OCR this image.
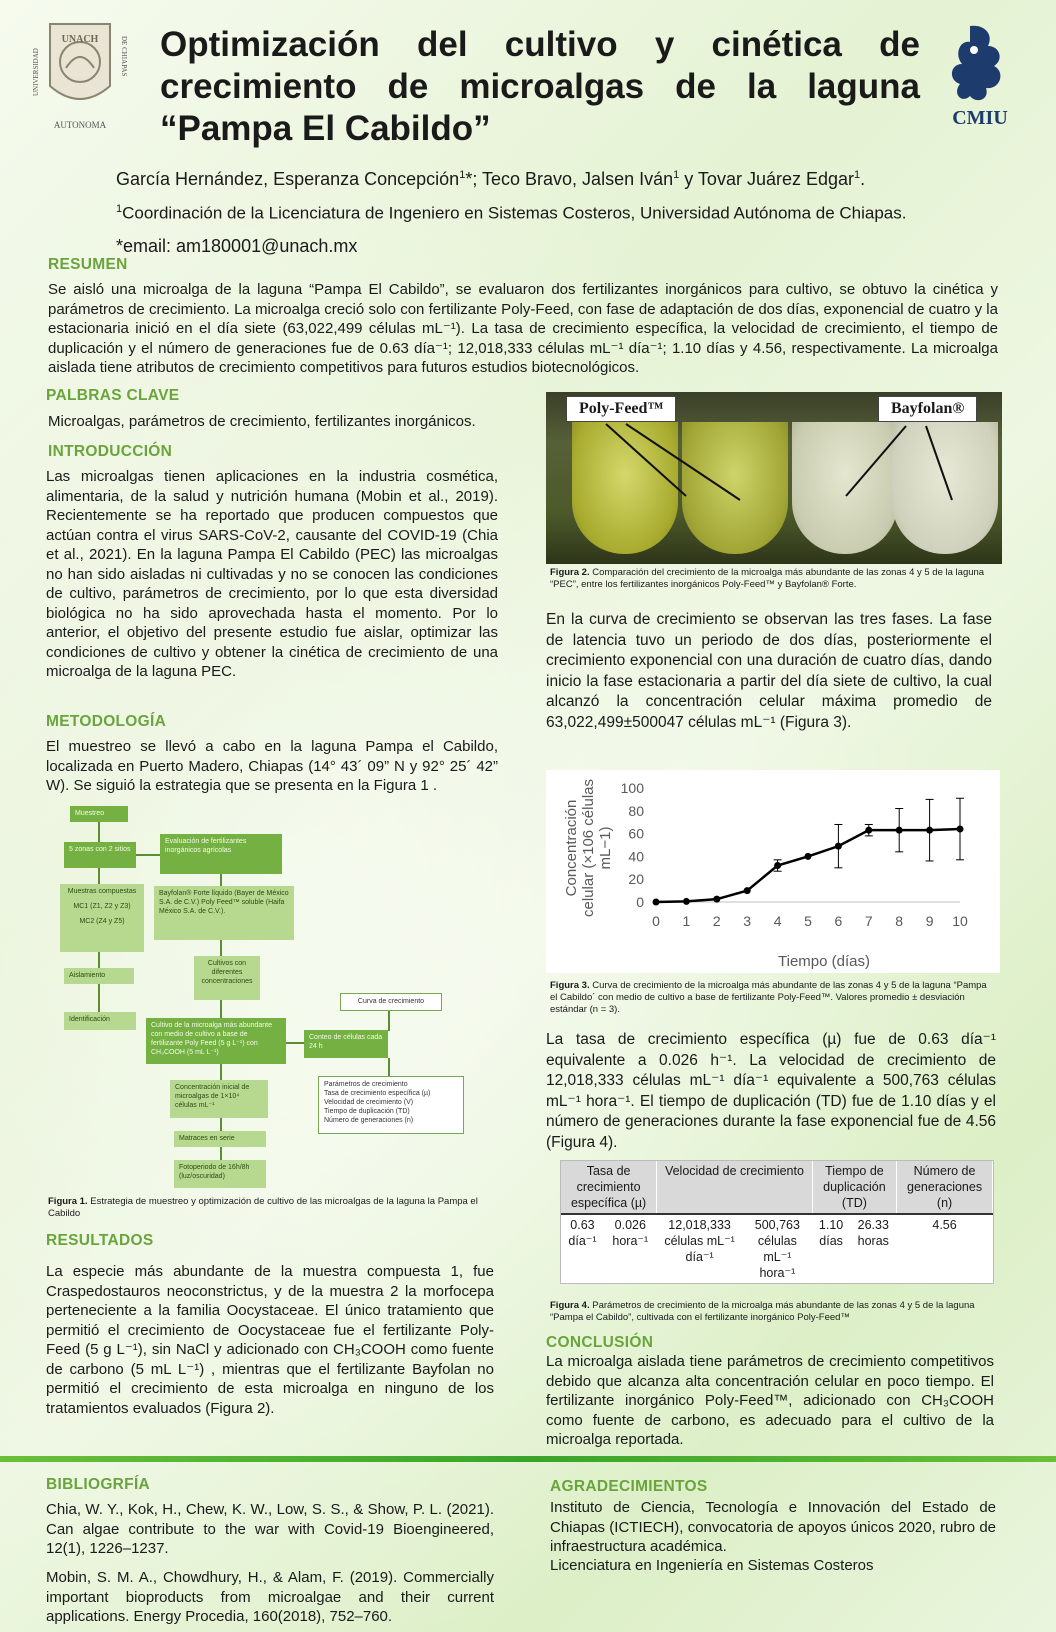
UNACH
AUTONOMA
UNIVERSIDAD	DE CHIAPAS
CMIU
Optimización del cultivo y cinética de crecimiento de microalgas de la laguna “Pampa El Cabildo”
García Hernández, Esperanza Concepción$^1$*; Teco Bravo, Jalsen Iván$^1$ y Tovar Juárez Edgar$^1$.
$^1$Coordinación de la Licenciatura de Ingeniero en Sistemas Costeros, Universidad Autónoma de Chiapas.
*email: am180001@unach.mx
RESUMEN
Se aisló una microalga de la laguna “Pampa El Cabildo”, se evaluaron dos fertilizantes inorgánicos para cultivo, se obtuvo la cinética y parámetros de crecimiento. La microalga creció solo con fertilizante Poly-Feed, con fase de adaptación de dos días, exponencial de cuatro y la estacionaria inició en el día siete (63,022,499 células mL⁻¹). La tasa de crecimiento específica, la velocidad de crecimiento, el tiempo de duplicación y el número de generaciones fue de 0.63 día⁻¹; 12,018,333 células mL⁻¹ día⁻¹; 1.10 días y 4.56, respectivamente. La microalga aislada tiene atributos de crecimiento competitivos para futuros estudios biotecnológicos.
PALBRAS CLAVE
Microalgas, parámetros de crecimiento, fertilizantes inorgánicos.
INTRODUCCIÓN
Las microalgas tienen aplicaciones en la industria cosmética, alimentaria, de la salud y nutrición humana (Mobin et al., 2019). Recientemente se ha reportado que producen compuestos que actúan contra el virus SARS-CoV-2, causante del COVID-19 (Chia et al., 2021). En la laguna Pampa El Cabildo (PEC) las microalgas no han sido aisladas ni cultivadas y no se conocen las condiciones de cultivo, parámetros de crecimiento, por lo que esta diversidad biológica no ha sido aprovechada hasta el momento. Por lo anterior, el objetivo del presente estudio fue aislar, optimizar las condiciones de cultivo y obtener la cinética de crecimiento de una microalga de la laguna PEC.
METODOLOGÍA
El muestreo se llevó a cabo en la laguna Pampa el Cabildo, localizada en Puerto Madero, Chiapas (14° 43´ 09” N y 92° 25´ 42” W). Se siguió la estrategia que se presenta en la Figura 1 .
Muestreo
5 zonas con 2 sitios
Muestras compuestas
MC1 (Z1, Z2 y Z3)
MC2 (Z4 y Z5)
Aislamiento
Identificación
Evaluación de fertilizantes inorgánicos agrícolas
Bayfolan® Forte líquido (Bayer de México S.A. de C.V.) Poly Feed™ soluble (Haifa México S.A. de C.V.).
Cultivos con diferentes concentraciones
Cultivo de la microalga más abundante con medio de cultivo a base de fertilizante Poly Feed (5 g L⁻¹) con CH₃COOH (5 mL L⁻¹)
Conteo de células cada 24 h
Curva de crecimiento
Concentración inicial de microalgas de 1×10⁴ células mL⁻¹
Parámetros de crecimiento
Tasa de crecimiento específica (µ)
Velocidad de crecimiento (V)
Tiempo de duplicación (TD)
Número de generaciones (n)
Matraces en serie
Fotoperiodo de 16h/8h (luz/oscuridad)
Figura 1. Estrategia de muestreo y optimización de cultivo de las microalgas de la laguna la Pampa el Cabildo
RESULTADOS
La especie más abundante de la muestra compuesta 1, fue Craspedostauros neoconstrictus, y de la muestra 2 la morfocepa perteneciente a la familia Oocystaceae. El único tratamiento que permitió el crecimiento de Oocystaceae fue el fertilizante Poly-Feed (5 g L⁻¹), sin NaCl y adicionado con CH₃COOH como fuente de carbono (5 mL L⁻¹) , mientras que el fertilizante Bayfolan no permitió el crecimiento de esta microalga en ninguno de los tratamientos evaluados (Figura 2).
Poly-Feed™	Bayfolan®
Figura 2. Comparación del crecimiento de la microalga más abundante de las zonas 4 y 5 de la laguna “PEC”, entre los fertilizantes inorgánicos Poly-Feed™ y Bayfolan® Forte.
En la curva de crecimiento se observan las tres fases. La fase de latencia tuvo un periodo de dos días, posteriormente el crecimiento exponencial con una duración de cuatro días, dando inicio la fase estacionaria a partir del día siete de cultivo, la cual alcanzó la concentración celular máxima promedio de 63,022,499±500047 células mL⁻¹ (Figura 3).
Concentración celular (×106 células mL−1)
Tiempo (días)
0
20
40
60
80
100
0 1 2 3 4 5 6 7 8 9 10
Figura 3. Curva de crecimiento de la microalga más abundante de las zonas 4 y 5 de la laguna “Pampa el Cabildo´ con medio de cultivo a base de fertilizante Poly-Feed™. Valores promedio ± desviación estándar (n = 3).
La tasa de crecimiento específica (µ) fue de 0.63 día⁻¹ equivalente a 0.026 h⁻¹. La velocidad de crecimiento de 12,018,333 células mL⁻¹ día⁻¹ equivalente a 500,763 células mL⁻¹ hora⁻¹. El tiempo de duplicación (TD) fue de 1.10 días y el número de generaciones durante la fase exponencial fue de 4.56 (Figura 4).
Tasa de crecimiento específica (µ)		Velocidad de crecimiento		Tiempo de duplicación (TD)		Número de generaciones (n)
0.63 día⁻¹	0.026 hora⁻¹	12,018,333 células mL⁻¹ día⁻¹	500,763 células mL⁻¹ hora⁻¹	1.10 días	26.33 horas	4.56
Figura 4. Parámetros de crecimiento de la microalga más abundante de las zonas 4 y 5 de la laguna “Pampa el Cabildo”, cultivada con el fertilizante inorgánico Poly-Feed™
CONCLUSIÓN
La microalga aislada tiene parámetros de crecimiento competitivos debido que alcanza alta concentración celular en poco tiempo. El fertilizante inorgánico Poly-Feed™, adicionado con CH₃COOH como fuente de carbono, es adecuado para el cultivo de la microalga reportada.
BIBLIOGRFÍA
Chia, W. Y., Kok, H., Chew, K. W., Low, S. S., & Show, P. L. (2021). Can algae contribute to the war with Covid-19 Bioengineered, 12(1), 1226–1237.
Mobin, S. M. A., Chowdhury, H., & Alam, F. (2019). Commercially important bioproducts from microalgae and their current applications. Energy Procedia, 160(2018), 752–760.
AGRADECIMIENTOS
Instituto de Ciencia, Tecnología e Innovación del Estado de Chiapas (ICTIECH), convocatoria de apoyos únicos 2020, rubro de infraestructura académica.
Licenciatura en Ingeniería en Sistemas Costeros
